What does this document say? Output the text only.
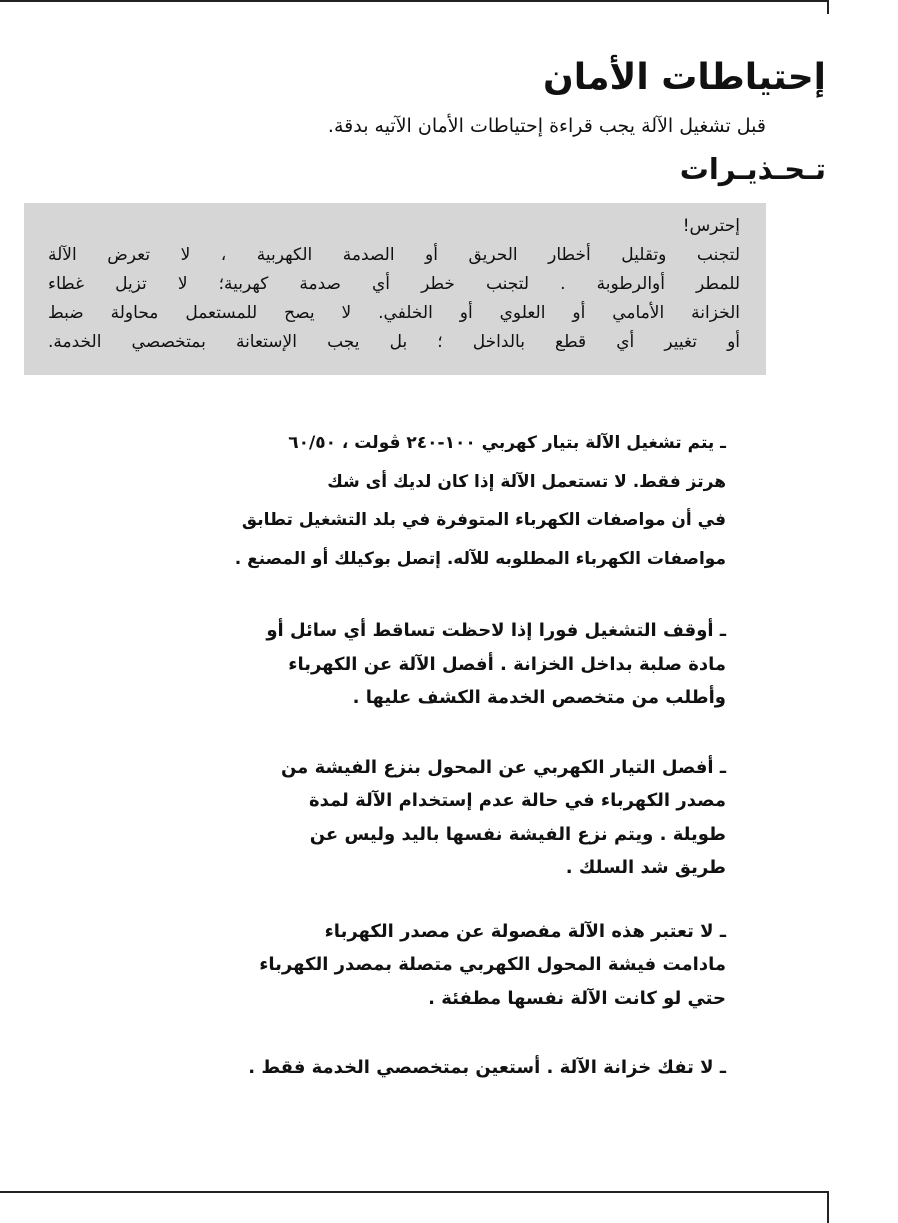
إحتياطات الأمان

قبل تشغيل الآلة يجب قراءة إحتياطات الأمان الآتيه بدقة.

تـحـذيـرات
إحترس!
لتجنب وتقليل أخطار الحريق أو الصدمة الكهربية ، لا تعرض الآلة
للمطر أوالرطوبة . لتجنب خطر أي صدمة كهربية؛ لا تزيل غطاء
الخزانة الأمامي أو العلوي أو الخلفي. لا يصح للمستعمل محاولة ضبط
أو تغيير أي قطع بالداخل ؛ بل يجب الإستعانة بمتخصصي الخدمة.

ـ يتم تشغيل الآلة بتيار كهربي ١٠٠-٢٤٠ ڤولت ، ٦٠/٥٠
هرتز فقط. لا تستعمل الآلة إذا كان لديك أى شك
في أن مواصفات الكهرباء المتوفرة في بلد التشغيل تطابق
مواصفات الكهرباء المطلوبه للآله. إتصل بوكيلك أو المصنع .

ـ أوقف التشغيل فورا إذا لاحظت تساقط أي سائل أو
مادة صلبة بداخل الخزانة . أفصل الآلة عن الكهرباء
وأطلب من متخصص الخدمة الكشف عليها .

ـ أفصل التيار الكهربي عن المحول بنزع الفيشة من
مصدر الكهرباء في حالة عدم إستخدام الآلة لمدة
طويلة . ويتم نزع الفيشة نفسها باليد وليس عن
طريق شد السلك .

ـ لا تعتبر هذه الآلة مفصولة عن مصدر الكهرباء
مادامت فيشة المحول الكهربي متصلة بمصدر الكهرباء
حتي لو كانت الآلة نفسها مطفئة .

ـ لا تفك خزانة الآلة . أستعين بمتخصصي الخدمة فقط .
